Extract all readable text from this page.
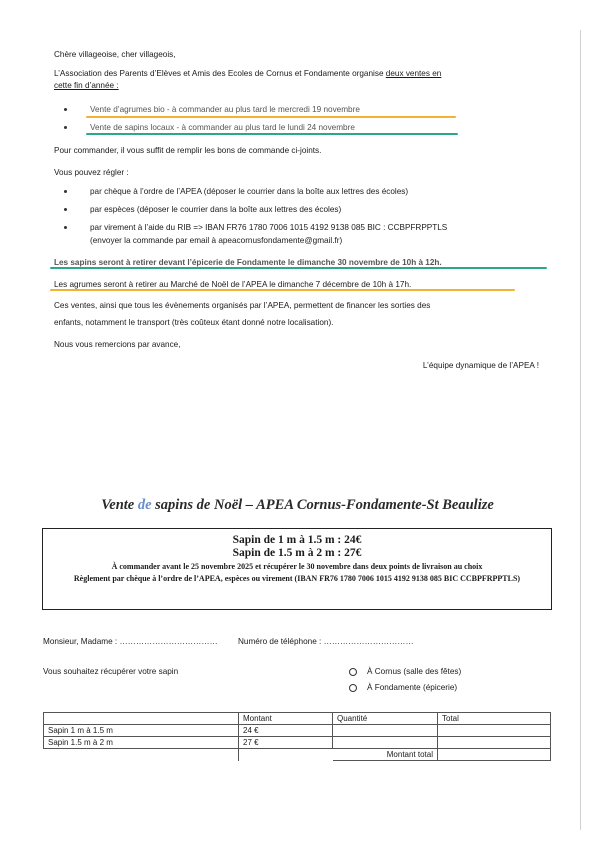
Chère villageoise, cher villageois,
L’Association des Parents d’Elèves et Amis des Ecoles de Cornus et Fondamente organise deux ventes en
cette fin d’année :
Vente d’agrumes bio - à commander au plus tard le mercredi 19 novembre
Vente de sapins locaux - à commander au plus tard le lundi 24 novembre
Pour commander, il vous suffit de remplir les bons de commande ci-joints.
Vous pouvez régler :
par chèque à l’ordre de l’APEA (déposer le courrier dans la boîte aux lettres des écoles)
par espèces (déposer le courrier dans la boîte aux lettres des écoles)
par virement à l’aide du RIB => IBAN FR76 1780 7006 1015 4192 9138 085 BIC : CCBPFRPPTLS
(envoyer la commande par email à apeacornusfondamente@gmail.fr)
Les sapins seront à retirer devant l’épicerie de Fondamente le dimanche 30 novembre de 10h à 12h.
Les agrumes seront à retirer au Marché de Noël de l’APEA le dimanche 7 décembre de 10h à 17h.
Ces ventes, ainsi que tous les évènements organisés par l’APEA, permettent de financer les sorties des
enfants, notamment le transport (très coûteux étant donné notre localisation).
Nous vous remercions par avance,
L’équipe dynamique de l’APEA !
Vente de sapins de Noël – APEA Cornus-Fondamente-St Beaulize
Sapin de 1 m à 1.5 m : 24€
Sapin de 1.5 m à 2 m : 27€
À commander avant le 25 novembre 2025 et récupérer le 30 novembre dans deux points de livraison au choix
Règlement par chèque à l’ordre de l’APEA, espèces ou virement (IBAN FR76 1780 7006 1015 4192 9138 085 BIC CCBPFRPPTLS)
Monsieur, Madame : ……………………………… Numéro de téléphone : ……………………………
Vous souhaitez récupérer votre sapin	À Cornus (salle des fêtes)
À Fondamente (épicerie)
	Montant	Quantité	Total
Sapin 1 m à 1.5 m	24 €		
Sapin 1.5 m à 2 m	27 €		
		Montant total	
